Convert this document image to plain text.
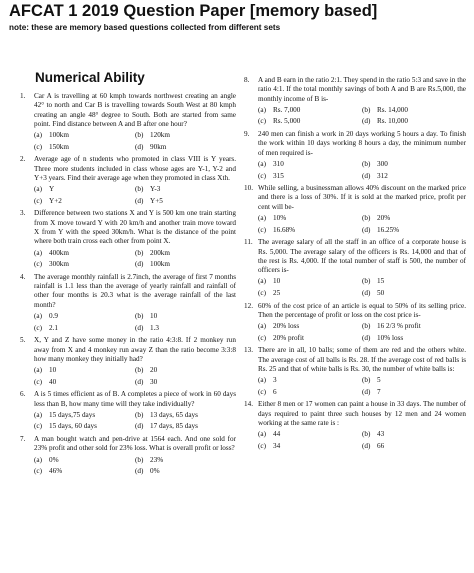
AFCAT 1 2019 Question Paper [memory based]
note: these are memory based questions collected from different sets
Numerical Ability
1.	Car A is travelling at 60 kmph towards northwest creating an angle 42° to north and Car B is travelling towards South West at 80 kmph creating an angle 48° degree to South. Both are started from same point. Find distance between A and B after one hour?
(a) 100km	(b) 120km
(c) 150km	(d) 90km
2.	Average age of n students who promoted in class VIII is Y years. Three more students included in class whose ages are Y-1, Y-2 and Y+3 years. Find their average age when they promoted in class Xth.
(a) Y	(b) Y-3
(c) Y+2	(d) Y+5
3.	Difference between two stations X and Y is 500 km one train starting from X move toward Y with 20 km/h and another train move toward X from Y with the speed 30km/h. What is the distance of the point where both train cross each other from point X.
(a) 400km	(b) 200km
(c) 300km	(d) 100km
4.	The average monthly rainfall is 2.7inch, the average of first 7 months rainfall is 1.1 less than the average of yearly rainfall and rainfall of other four months is 20.3 what is the average rainfall of the last month?
(a) 0.9	(b) 10
(c) 2.1	(d) 1.3
5.	X, Y and Z have some money in the ratio 4:3:8. If 2 monkey run away from X and 4 monkey run away Z than the ratio become 3:3:8 how many monkey they initially had?
(a) 10	(b) 20
(c) 40	(d) 30
6.	A is 5 times efficient as of B. A completes a piece of work in 60 days less than B, how many time will they take individually?
(a) 15 days,75 days	(b) 13 days, 65 days
(c) 15 days, 60 days	(d) 17 days, 85 days
7.	A man bought watch and pen-drive at 1564 each. And one sold for 23% profit and other sold for 23% loss. What is overall profit or loss?
(a) 0%	(b) 23%
(c) 46%	(d) 0%
8.	A and B earn in the ratio 2:1. They spend in the ratio 5:3 and save in the ratio 4:1. If the total monthly savings of both A and B are Rs.5,000, the monthly income of B is-
(a) Rs. 7,000	(b) Rs. 14,000
(c) Rs. 5,000	(d) Rs. 10,000
9.	240 men can finish a work in 20 days working 5 hours a day. To finish the work within 10 days working 8 hours a day, the minimum number of men required is-
(a) 310	(b) 300
(c) 315	(d) 312
10. While selling, a businessman allows 40% discount on the marked price and there is a loss of 30%. If it is sold at the marked price, profit per cent will be-
(a) 10%	(b) 20%
(c) 16.68%	(d) 16.25%
11. The average salary of all the staff in an office of a corporate house is Rs. 5,000. The average salary of the officers is Rs. 14,000 and that of the rest is Rs. 4,000. If the total number of staff is 500, the number of officers is-
(a) 10	(b) 15
(c) 25	(d) 50
12. 60% of the cost price of an article is equal to 50% of its selling price. Then the percentage of profit or loss on the cost price is-
(a) 20% loss	(b) 16 2/3 % profit
(c) 20% profit	(d) 10% loss
13. There are in all, 10 balls; some of them are red and the others white. The average cost of all balls is Rs. 28. If the average cost of red balls is Rs. 25 and that of white balls is Rs. 30, the number of white balls is:
(a) 3	(b) 5
(c) 6	(d) 7
14. Either 8 men or 17 women can paint a house in 33 days. The number of days required to paint three such houses by 12 men and 24 women working at the same rate is :
(a) 44	(b) 43
(c) 34	(d) 66
